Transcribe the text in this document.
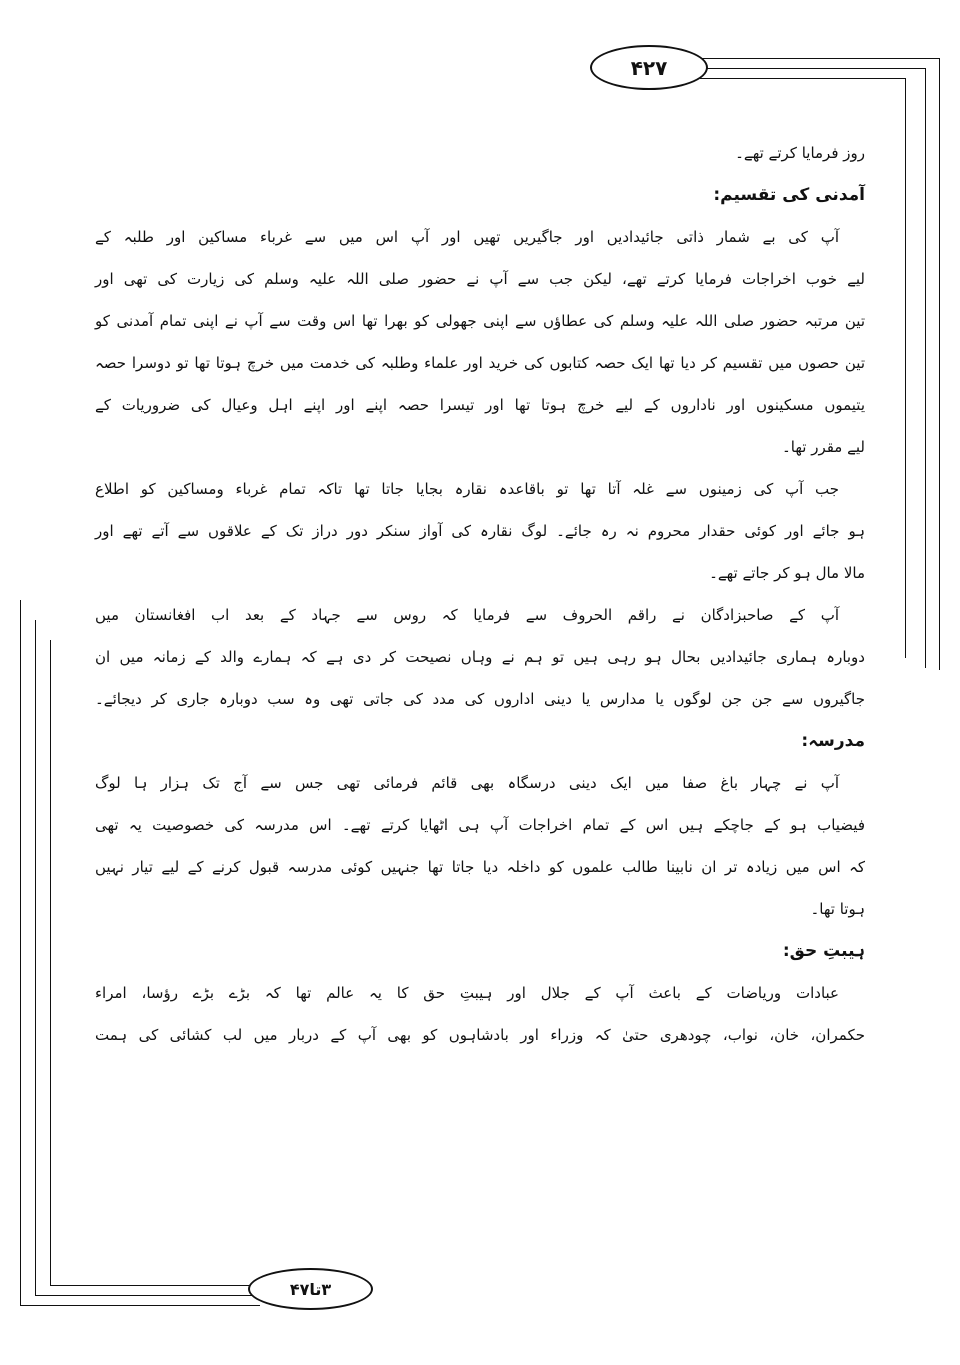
۴۲۷
۳تا۴۷
روز فرمایا کرتے تھے۔
آمدنی کی تقسیم:
آپ کی بے شمار ذاتی جائیدادیں اور جاگیریں تھیں اور آپ اس میں سے غرباء مساکین اور طلبہ کے
لیے خوب اخراجات فرمایا کرتے تھے، لیکن جب سے آپ نے حضور صلی اللہ علیہ وسلم کی زیارت کی تھی اور
تین مرتبہ حضور صلی اللہ علیہ وسلم کی عطاؤں سے اپنی جھولی کو بھرا تھا اس وقت سے آپ نے اپنی تمام آمدنی کو
تین حصوں میں تقسیم کر دیا تھا ایک حصہ کتابوں کی خرید اور علماء وطلبہ کی خدمت میں خرچ ہوتا تھا تو دوسرا حصہ
یتیموں مسکینوں اور ناداروں کے لیے خرچ ہوتا تھا اور تیسرا حصہ اپنے اور اپنے اہل وعیال کی ضروریات کے
لیے مقرر تھا۔
جب آپ کی زمینوں سے غلہ آتا تھا تو باقاعدہ نقارہ بجایا جاتا تھا تاکہ تمام غرباء ومساکین کو اطلاع
ہو جائے اور کوئی حقدار محروم نہ رہ جائے۔ لوگ نقارہ کی آواز سنکر دور دراز تک کے علاقوں سے آتے تھے اور
مالا مال ہو کر جاتے تھے۔
آپ کے صاحبزادگان نے راقم الحروف سے فرمایا کہ روس سے جہاد کے بعد اب افغانستان میں
دوبارہ ہماری جائیدادیں بحال ہو رہی ہیں تو ہم نے وہاں نصیحت کر دی ہے کہ ہمارے والد کے زمانہ میں ان
جاگیروں سے جن جن لوگوں یا مدارس یا دینی اداروں کی مدد کی جاتی تھی وہ سب دوبارہ جاری کر دیجائے۔
مدرسہ:
آپ نے چہار باغ صفا میں ایک دینی درسگاہ بھی قائم فرمائی تھی جس سے آج تک ہزار ہا لوگ
فیضیاب ہو کے جاچکے ہیں اس کے تمام اخراجات آپ ہی اٹھایا کرتے تھے۔ اس مدرسہ کی خصوصیت یہ تھی
کہ اس میں زیادہ تر ان نابینا طالب علموں کو داخلہ دیا جاتا تھا جنہیں کوئی مدرسہ قبول کرنے کے لیے تیار نہیں
ہوتا تھا۔
ہیبتِ حق:
عبادات وریاضات کے باعث آپ کے جلال اور ہیبتِ حق کا یہ عالم تھا کہ بڑے بڑے رؤسا، امراء
حکمران، خان، نواب، چودھری حتیٰ کہ وزراء اور بادشاہوں کو بھی آپ کے دربار میں لب کشائی کی ہمت
